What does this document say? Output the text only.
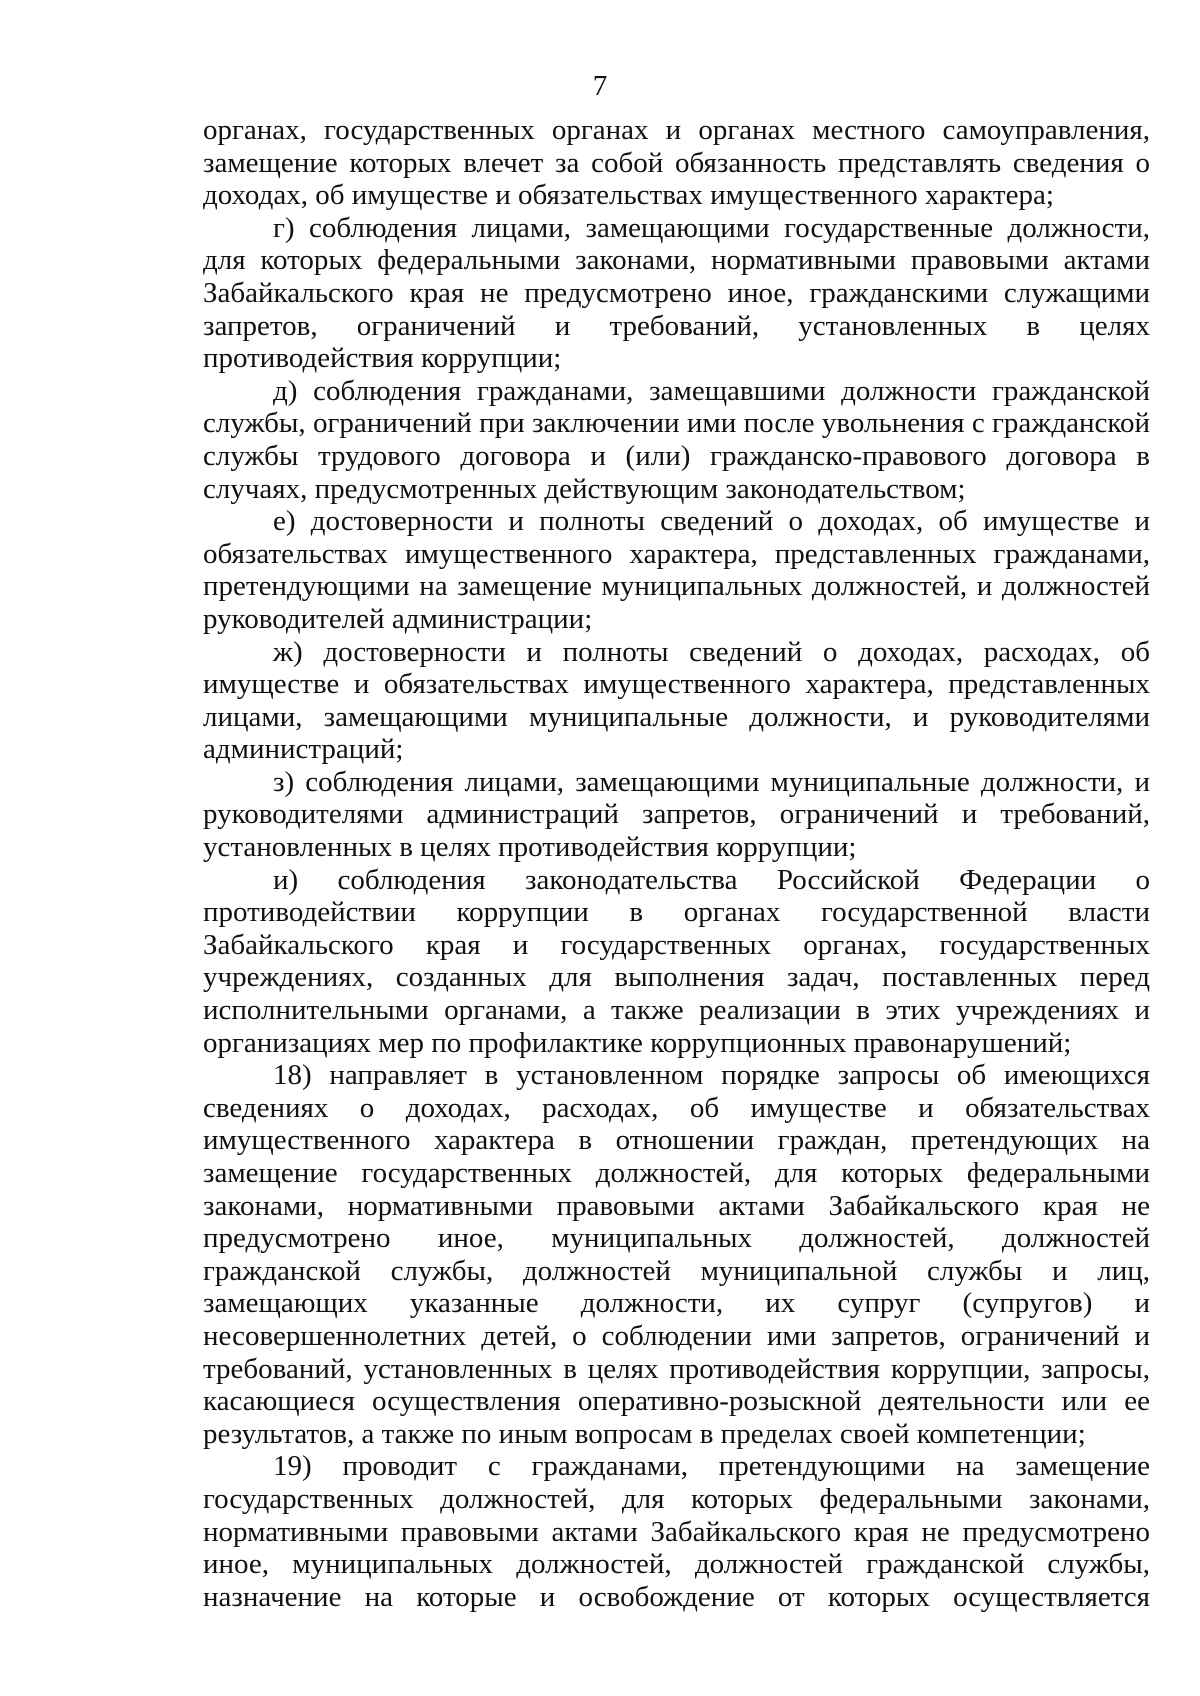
7

органах, государственных органах и органах местного самоуправления, замещение которых влечет за собой обязанность представлять сведения о доходах, об имуществе и обязательствах имущественного характера;

г) соблюдения лицами, замещающими государственные должности, для которых федеральными законами, нормативными правовыми актами Забайкальского края не предусмотрено иное, гражданскими служащими запретов, ограничений и требований, установленных в целях противодействия коррупции;

д) соблюдения гражданами, замещавшими должности гражданской службы, ограничений при заключении ими после увольнения с гражданской службы трудового договора и (или) гражданско-правового договора в случаях, предусмотренных действующим законодательством;

е) достоверности и полноты сведений о доходах, об имуществе и обязательствах имущественного характера, представленных гражданами, претендующими на замещение муниципальных должностей, и должностей руководителей администрации;

ж) достоверности и полноты сведений о доходах, расходах, об имуществе и обязательствах имущественного характера, представленных лицами, замещающими муниципальные должности, и руководителями администраций;

з) соблюдения лицами, замещающими муниципальные должности, и руководителями администраций запретов, ограничений и требований, установленных в целях противодействия коррупции;

и) соблюдения законодательства Российской Федерации о противодействии коррупции в органах государственной власти Забайкальского края и государственных органах, государственных учреждениях, созданных для выполнения задач, поставленных перед исполнительными органами, а также реализации в этих учреждениях и организациях мер по профилактике коррупционных правонарушений;

18) направляет в установленном порядке запросы об имеющихся сведениях о доходах, расходах, об имуществе и обязательствах имущественного характера в отношении граждан, претендующих на замещение государственных должностей, для которых федеральными законами, нормативными правовыми актами Забайкальского края не предусмотрено иное, муниципальных должностей, должностей гражданской службы, должностей муниципальной службы и лиц, замещающих указанные должности, их супруг (супругов) и несовершеннолетних детей, о соблюдении ими запретов, ограничений и требований, установленных в целях противодействия коррупции, запросы, касающиеся осуществления оперативно-розыскной деятельности или ее результатов, а также по иным вопросам в пределах своей компетенции;

19) проводит с гражданами, претендующими на замещение государственных должностей, для которых федеральными законами, нормативными правовыми актами Забайкальского края не предусмотрено иное, муниципальных должностей, должностей гражданской службы, назначение на которые и освобождение от которых осуществляется
